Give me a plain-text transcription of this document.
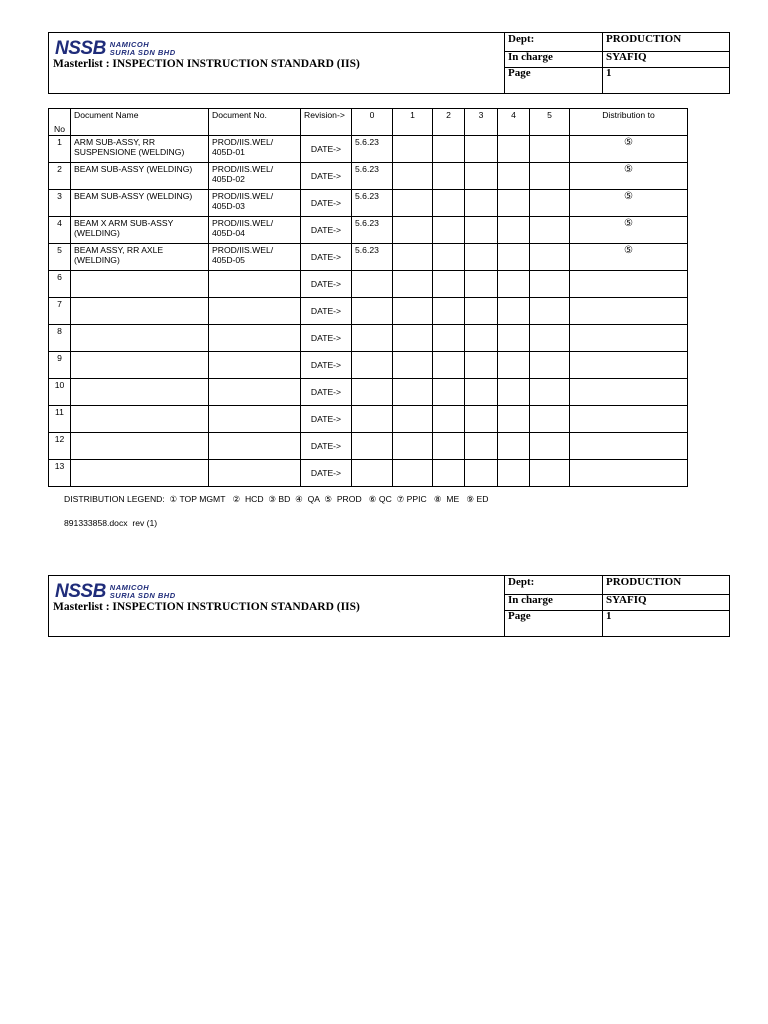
NSSB NAMICOH
SURIA SDN BHD
Masterlist : INSPECTION INSTRUCTION STANDARD (IIS)
Dept:	PRODUCTION
In charge	SYAFIQ
Page	1
No	Document Name	Document No.	Revision->	0	1	2	3	4	5	Distribution to
1	ARM SUB-ASSY, RR SUSPENSIONE (WELDING)	PROD/IIS.WEL/ 405D-01	DATE->	5.6.23						⑤
2	BEAM SUB-ASSY (WELDING)	PROD/IIS.WEL/ 405D-02	DATE->	5.6.23						⑤
3	BEAM SUB-ASSY (WELDING)	PROD/IIS.WEL/ 405D-03	DATE->	5.6.23						⑤
4	BEAM X ARM SUB-ASSY (WELDING)	PROD/IIS.WEL/ 405D-04	DATE->	5.6.23						⑤
5	BEAM ASSY, RR AXLE (WELDING)	PROD/IIS.WEL/ 405D-05	DATE->	5.6.23						⑤
6			DATE->							
7			DATE->							
8			DATE->							
9			DATE->							
10			DATE->							
11			DATE->							
12			DATE->							
13			DATE->							
DISTRIBUTION LEGEND:  ① TOP MGMT   ②  HCD  ③ BD  ④  QA  ⑤  PROD   ⑥ QC  ⑦ PPIC   ⑧  ME   ⑨ ED
891333858.docx  rev (1)
NSSB NAMICOH
SURIA SDN BHD
Masterlist : INSPECTION INSTRUCTION STANDARD (IIS)
Dept:	PRODUCTION
In charge	SYAFIQ
Page	1
